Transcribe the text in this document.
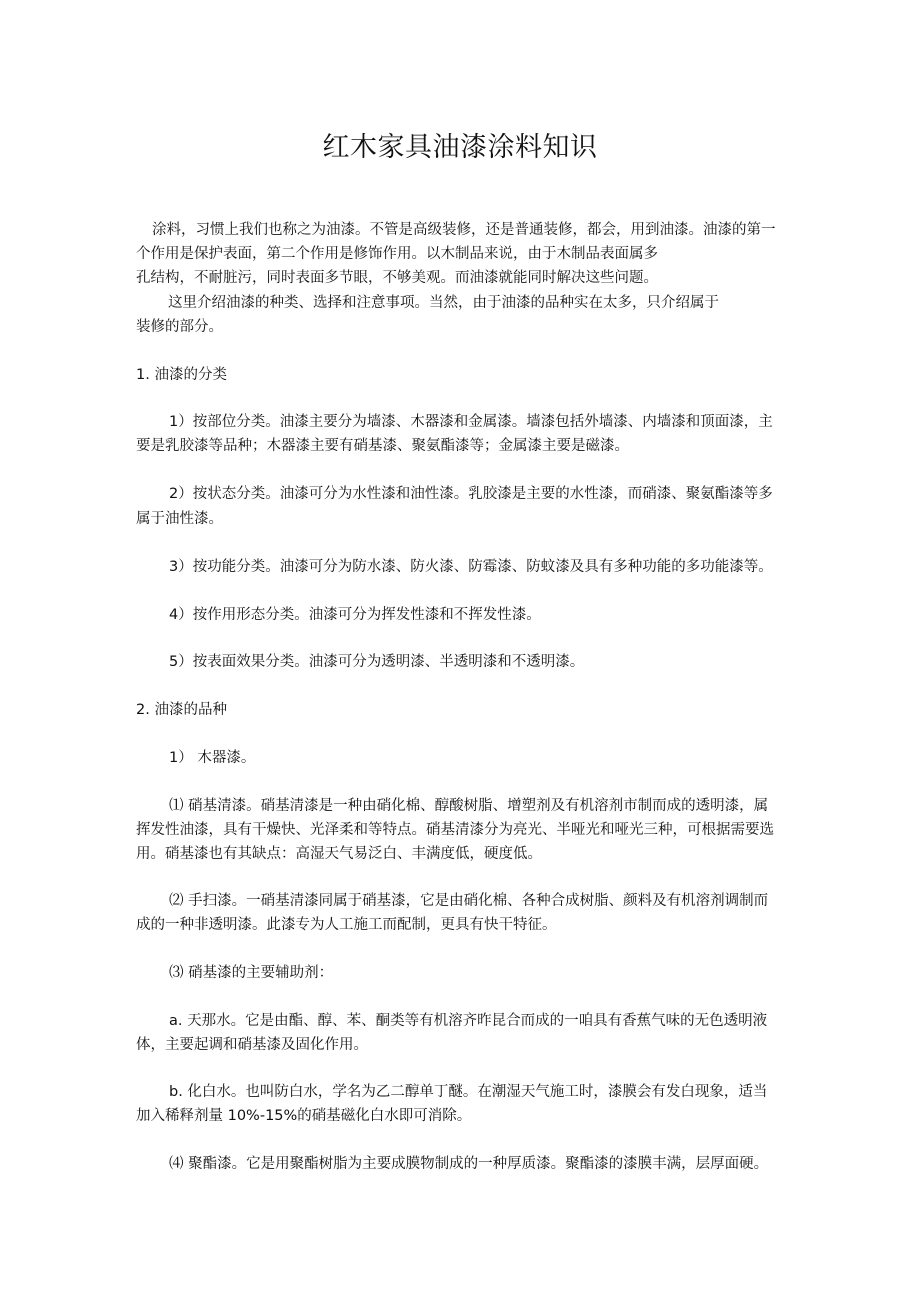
红木家具油漆涂料知识

涂料，习惯上我们也称之为油漆。不管是高级装修，还是普通装修，都会，用到油漆。油漆的第一

个作用是保护表面，第二个作用是修饰作用。以木制品来说，由于木制品表面属多

孔结构，不耐脏污，同时表面多节眼，不够美观。而油漆就能同时解决这些问题。

这里介绍油漆的种类、选择和注意事项。当然，由于油漆的品种实在太多，只介绍属于

装修的部分。

1. 油漆的分类

1）按部位分类。油漆主要分为墙漆、木器漆和金属漆。墙漆包括外墙漆、内墙漆和顶面漆，主

要是乳胶漆等品种；木器漆主要有硝基漆、聚氨酯漆等；金属漆主要是磁漆。

2）按状态分类。油漆可分为水性漆和油性漆。乳胶漆是主要的水性漆，而硝漆、聚氨酯漆等多

属于油性漆。

3）按功能分类。油漆可分为防水漆、防火漆、防霉漆、防蚊漆及具有多种功能的多功能漆等。

4）按作用形态分类。油漆可分为挥发性漆和不挥发性漆。

5）按表面效果分类。油漆可分为透明漆、半透明漆和不透明漆。

2. 油漆的品种

1） 木器漆。

⑴ 硝基清漆。硝基清漆是一种由硝化棉、醇酸树脂、增塑剂及有机溶剂市制而成的透明漆，属

挥发性油漆，具有干燥快、光泽柔和等特点。硝基清漆分为亮光、半哑光和哑光三种，可根据需要选

用。硝基漆也有其缺点：高湿天气易泛白、丰满度低，硬度低。

⑵ 手扫漆。一硝基清漆同属于硝基漆，它是由硝化棉、各种合成树脂、颜料及有机溶剂调制而

成的一种非透明漆。此漆专为人工施工而配制，更具有快干特征。

⑶ 硝基漆的主要辅助剂：

a. 天那水。它是由酯、醇、苯、酮类等有机溶齐昨昆合而成的一咱具有香蕉气味的无色透明液

体，主要起调和硝基漆及固化作用。

b. 化白水。也叫防白水，学名为乙二醇单丁醚。在潮湿天气施工时，漆膜会有发白现象，适当

加入稀释剂量 10%-15%的硝基磁化白水即可消除。

⑷ 聚酯漆。它是用聚酯树脂为主要成膜物制成的一种厚质漆。聚酯漆的漆膜丰满，层厚面硬。
